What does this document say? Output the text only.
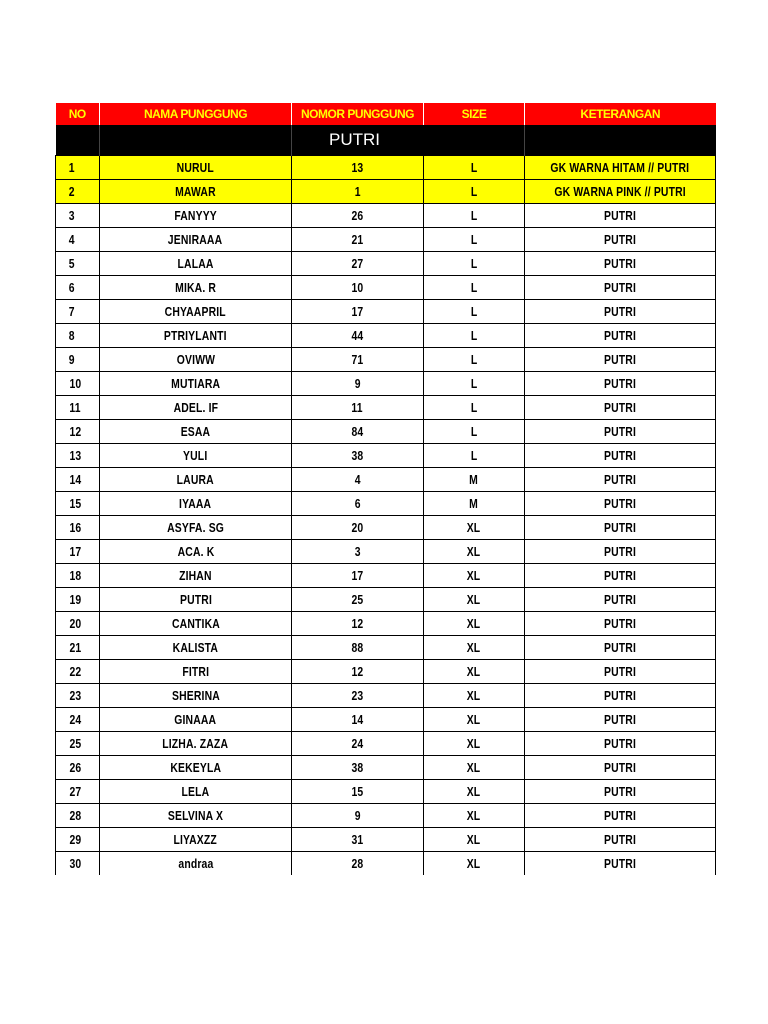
NO	NAMA PUNGGUNG	NOMOR PUNGGUNG	SIZE	KETERANGAN
		PUTRI		
1	NURUL	13	L	GK WARNA HITAM // PUTRI
2	MAWAR	1	L	GK WARNA PINK // PUTRI
3	FANYYY	26	L	PUTRI
4	JENIRAAA	21	L	PUTRI
5	LALAA	27	L	PUTRI
6	MIKA. R	10	L	PUTRI
7	CHYAAPRIL	17	L	PUTRI
8	PTRIYLANTI	44	L	PUTRI
9	OVIWW	71	L	PUTRI
10	MUTIARA	9	L	PUTRI
11	ADEL. IF	11	L	PUTRI
12	ESAA	84	L	PUTRI
13	YULI	38	L	PUTRI
14	LAURA	4	M	PUTRI
15	IYAAA	6	M	PUTRI
16	ASYFA. SG	20	XL	PUTRI
17	ACA. K	3	XL	PUTRI
18	ZIHAN	17	XL	PUTRI
19	PUTRI	25	XL	PUTRI
20	CANTIKA	12	XL	PUTRI
21	KALISTA	88	XL	PUTRI
22	FITRI	12	XL	PUTRI
23	SHERINA	23	XL	PUTRI
24	GINAAA	14	XL	PUTRI
25	LIZHA. ZAZA	24	XL	PUTRI
26	KEKEYLA	38	XL	PUTRI
27	LELA	15	XL	PUTRI
28	SELVINA X	9	XL	PUTRI
29	LIYAXZZ	31	XL	PUTRI
30	andraa	28	XL	PUTRI
